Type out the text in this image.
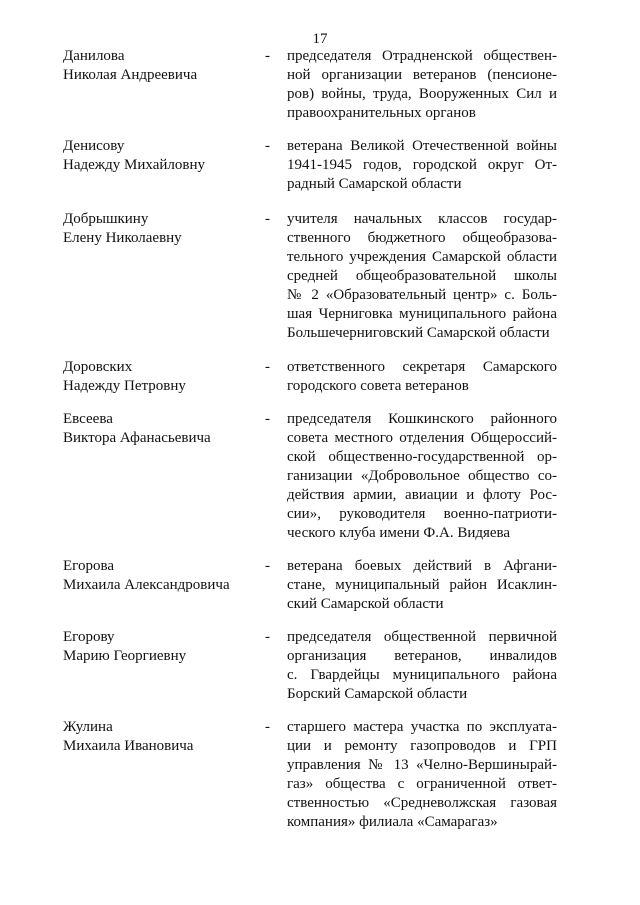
17
Данилова
Николая Андреевича
- председателя Отрадненской обществен-
ной организации ветеранов (пенсионе-
ров) войны, труда, Вооруженных Сил и
правоохранительных органов
Денисову
Надежду Михайловну
- ветерана Великой Отечественной войны
1941-1945 годов, городской округ От-
радный Самарской области
Добрышкину
Елену Николаевну
- учителя начальных классов государ-
ственного бюджетного общеобразова-
тельного учреждения Самарской области
средней общеобразовательной школы
№ 2 «Образовательный центр» с. Боль-
шая Черниговка муниципального района
Большечерниговский Самарской области
Доровских
Надежду Петровну
- ответственного секретаря Самарского
городского совета ветеранов
Евсеева
Виктора Афанасьевича
- председателя Кошкинского районного
совета местного отделения Общероссий-
ской общественно-государственной ор-
ганизации «Добровольное общество со-
действия армии, авиации и флоту Рос-
сии», руководителя военно-патриоти-
ческого клуба имени Ф.А. Видяева
Егорова
Михаила Александровича
- ветерана боевых действий в Афгани-
стане, муниципальный район Исаклин-
ский Самарской области
Егорову
Марию Георгиевну
- председателя общественной первичной
организация ветеранов, инвалидов
с. Гвардейцы муниципального района
Борский Самарской области
Жулина
Михаила Ивановича
- старшего мастера участка по эксплуата-
ции и ремонту газопроводов и ГРП
управления № 13 «Челно-Вершинырай-
газ» общества с ограниченной ответ-
ственностью «Средневолжская газовая
компания» филиала «Самарагаз»
